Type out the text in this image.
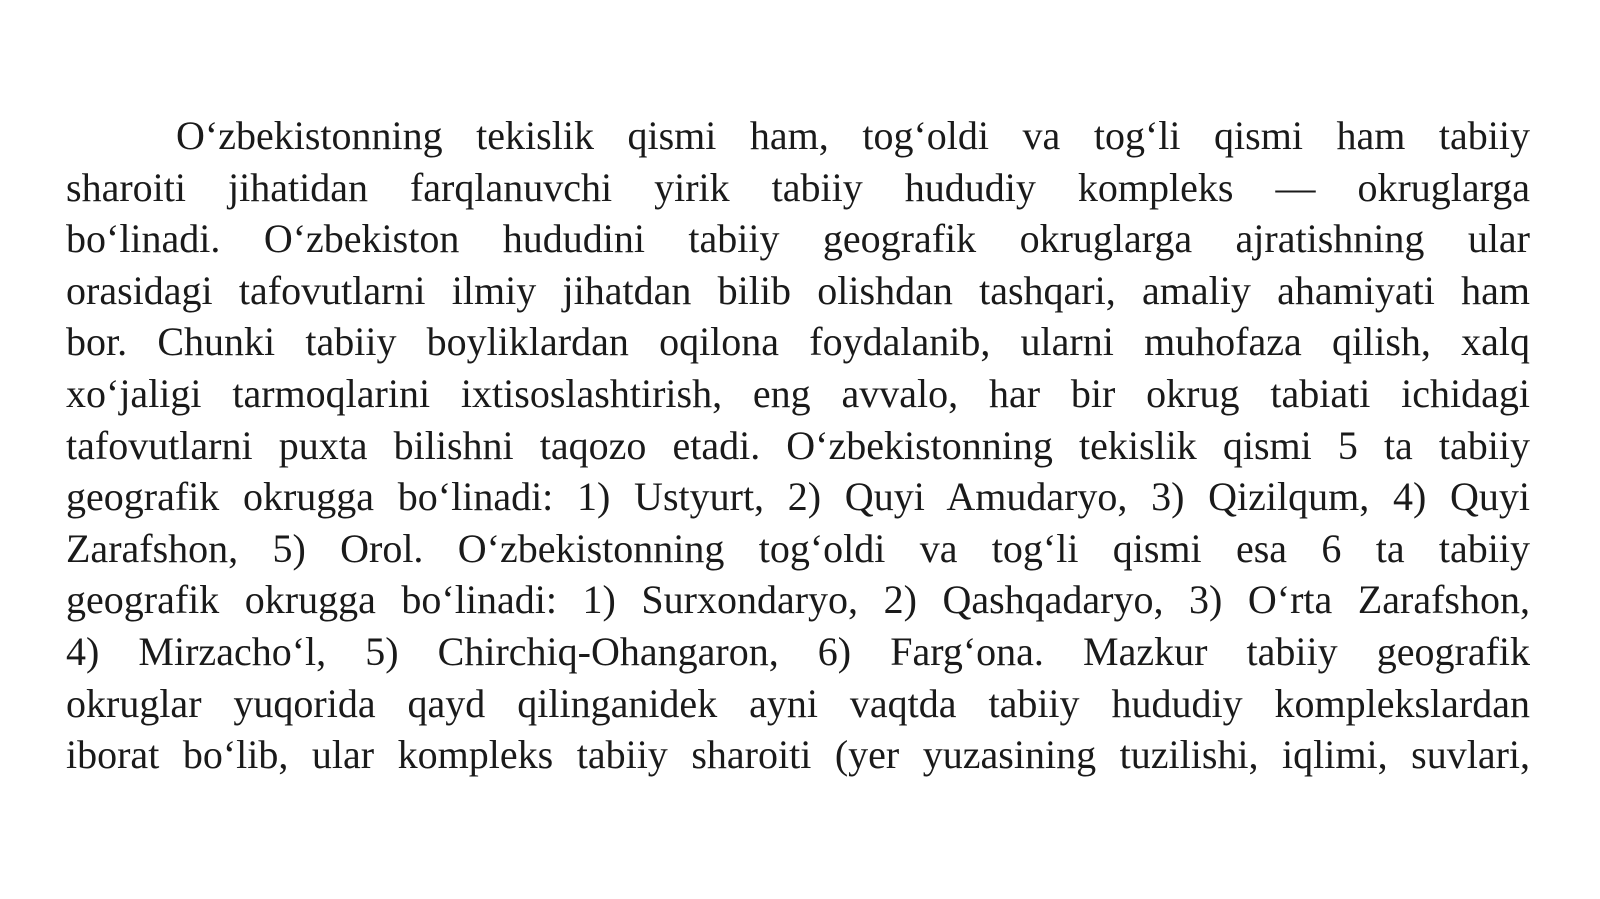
O‘zbekistonning tekislik qismi ham, tog‘oldi va tog‘li qismi ham tabiiy
sharoiti jihatidan farqlanuvchi yirik tabiiy hududiy kompleks — okruglarga
bo‘linadi. O‘zbekiston hududini tabiiy geografik okruglarga ajratishning ular
orasidagi tafovutlarni ilmiy jihatdan bilib olishdan tashqari, amaliy ahamiyati ham
bor. Chunki tabiiy boyliklardan oqilona foydalanib, ularni muhofaza qilish, xalq
xo‘jaligi tarmoqlarini ixtisoslashtirish, eng avvalo, har bir okrug tabiati ichidagi
tafovutlarni puxta bilishni taqozo etadi. O‘zbekistonning tekislik qismi 5 ta tabiiy
geografik okrugga bo‘linadi: 1) Ustyurt, 2) Quyi Amudaryo, 3) Qizilqum, 4) Quyi
Zarafshon, 5) Orol. O‘zbekistonning tog‘oldi va tog‘li qismi esa 6 ta tabiiy
geografik okrugga bo‘linadi: 1) Surxondaryo, 2) Qashqadaryo, 3) O‘rta Zarafshon,
4) Mirzacho‘l, 5) Chirchiq-Ohangaron, 6) Farg‘ona. Mazkur tabiiy geografik
okruglar yuqorida qayd qilinganidek ayni vaqtda tabiiy hududiy komplekslardan
iborat bo‘lib, ular kompleks tabiiy sharoiti (yer yuzasining tuzilishi, iqlimi, suvlari,
